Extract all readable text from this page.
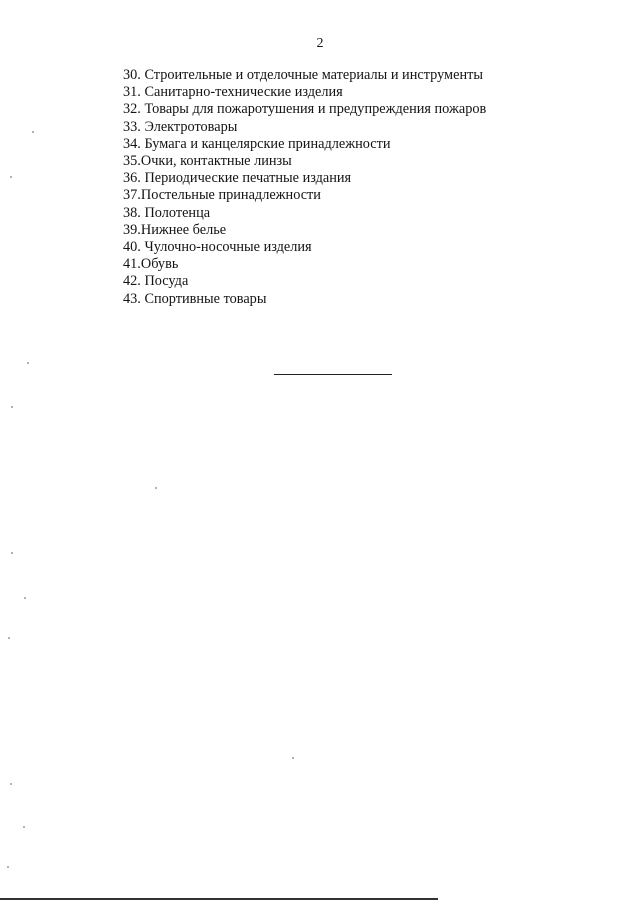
2
30. Строительные и отделочные материалы и инструменты
31. Санитарно-технические изделия
32. Товары для пожаротушения и предупреждения пожаров
33. Электротовары
34. Бумага и канцелярские принадлежности
35.Очки, контактные линзы
36. Периодические печатные издания
37.Постельные принадлежности
38. Полотенца
39.Нижнее белье
40. Чулочно-носочные изделия
41.Обувь
42. Посуда
43. Спортивные товары
